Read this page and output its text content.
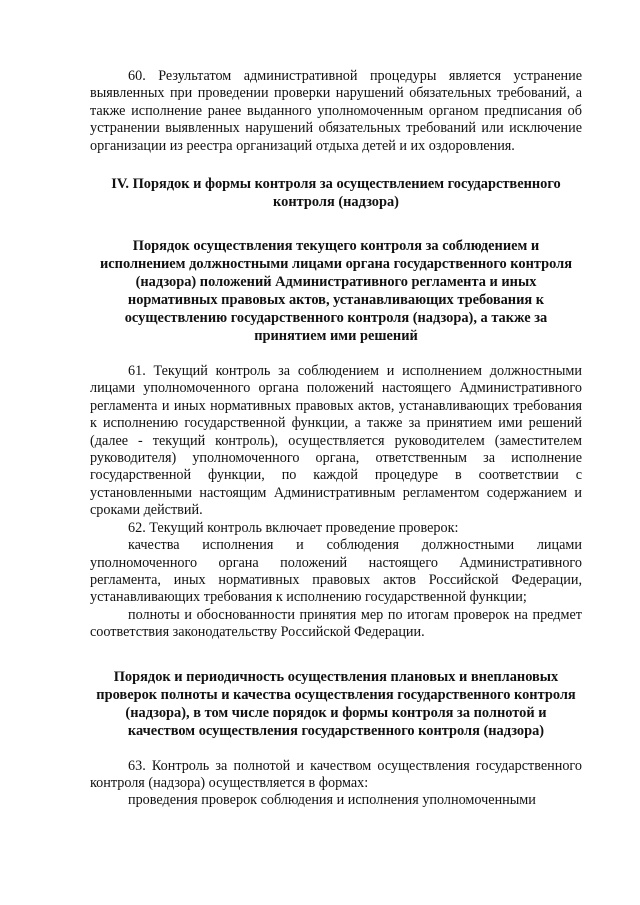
60. Результатом административной процедуры является устранение выявленных при проведении проверки нарушений обязательных требований, а также исполнение ранее выданного уполномоченным органом предписания об устранении выявленных нарушений обязательных требований или исключение организации из реестра организаций отдыха детей и их оздоровления.

IV. Порядок и формы контроля за осуществлением государственного контроля (надзора)

Порядок осуществления текущего контроля за соблюдением и исполнением должностными лицами органа государственного контроля (надзора) положений Административного регламента и иных нормативных правовых актов, устанавливающих требования к осуществлению государственного контроля (надзора), а также за принятием ими решений

61. Текущий контроль за соблюдением и исполнением должностными лицами уполномоченного органа положений настоящего Административного регламента и иных нормативных правовых актов, устанавливающих требования к исполнению государственной функции, а также за принятием ими решений (далее - текущий контроль), осуществляется руководителем (заместителем руководителя) уполномоченного органа, ответственным за исполнение государственной функции, по каждой процедуре в соответствии с установленными настоящим Административным регламентом содержанием и сроками действий.

62. Текущий контроль включает проведение проверок:

качества исполнения и соблюдения должностными лицами уполномоченного органа положений настоящего Административного регламента, иных нормативных правовых актов Российской Федерации, устанавливающих требования к исполнению государственной функции;

полноты и обоснованности принятия мер по итогам проверок на предмет соответствия законодательству Российской Федерации.

Порядок и периодичность осуществления плановых и внеплановых проверок полноты и качества осуществления государственного контроля (надзора), в том числе порядок и формы контроля за полнотой и качеством осуществления государственного контроля (надзора)

63. Контроль за полнотой и качеством осуществления государственного контроля (надзора) осуществляется в формах:

проведения проверок соблюдения и исполнения уполномоченными
